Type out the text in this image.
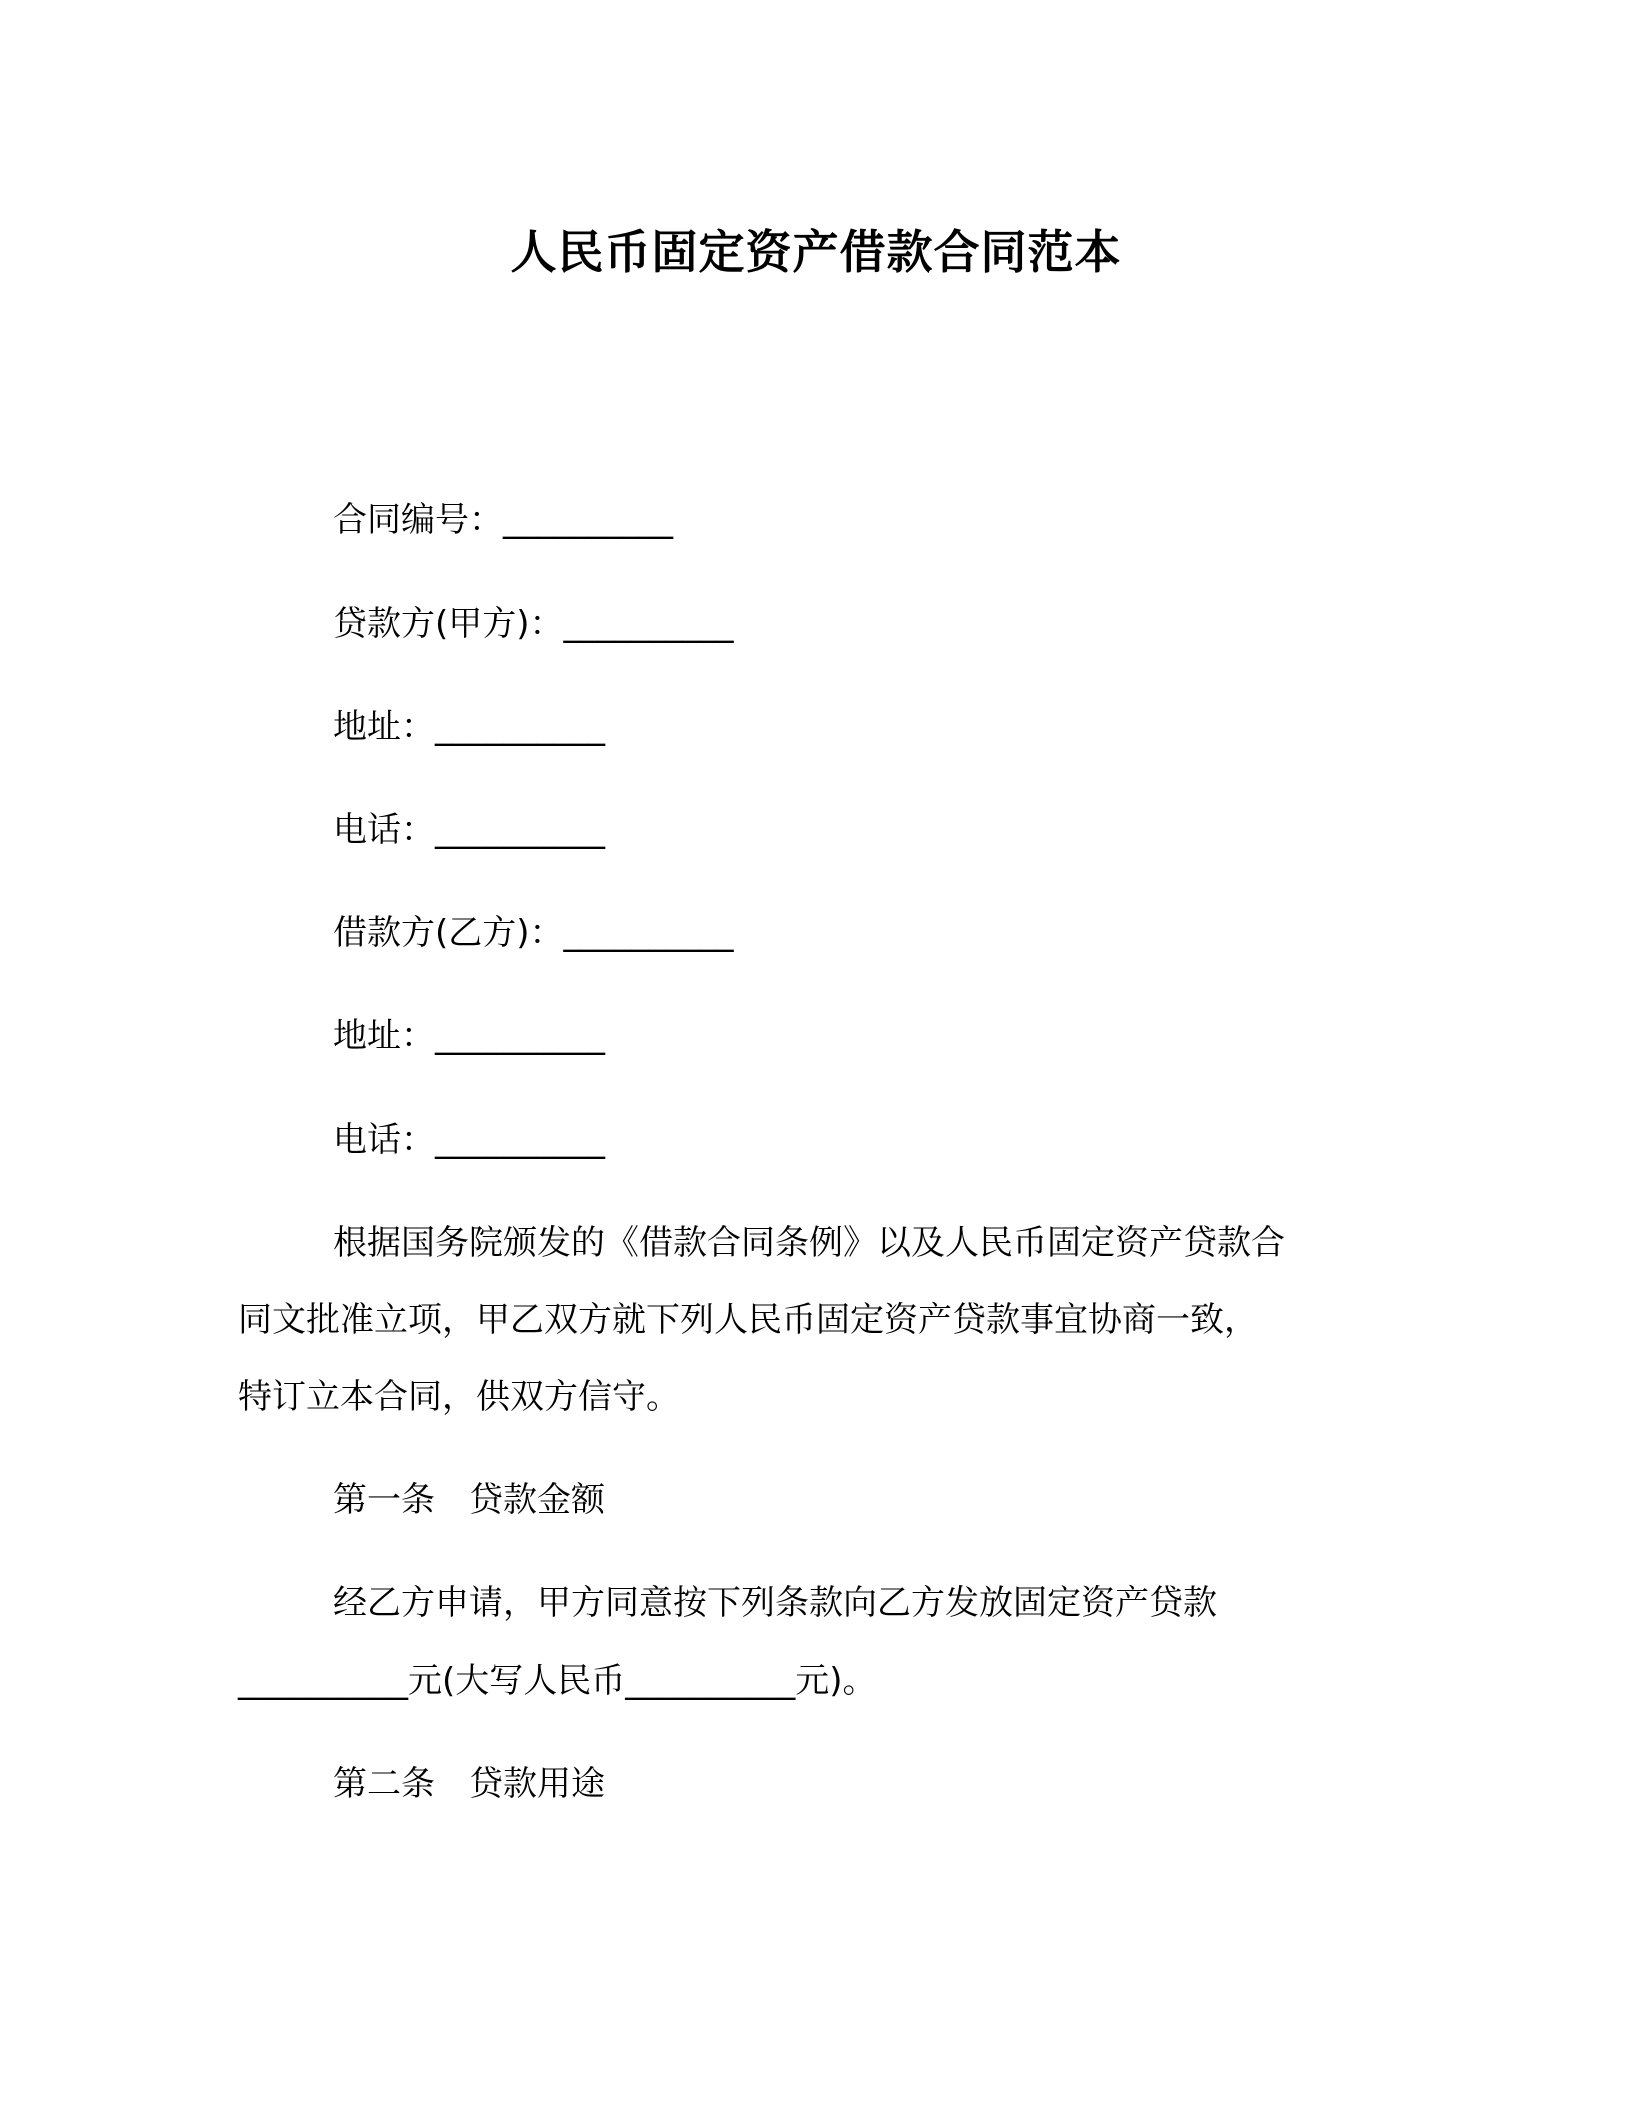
人民币固定资产借款合同范本
合同编号：__________
贷款方(甲方)：__________
地址：__________
电话：__________
借款方(乙方)：__________
地址：__________
电话：__________
根据国务院颁发的《借款合同条例》以及人民币固定资产贷款合
同文批准立项，甲乙双方就下列人民币固定资产贷款事宜协商一致，
特订立本合同，供双方信守。
第一条　贷款金额
经乙方申请，甲方同意按下列条款向乙方发放固定资产贷款
__________元(大写人民币__________元)。
第二条　贷款用途
